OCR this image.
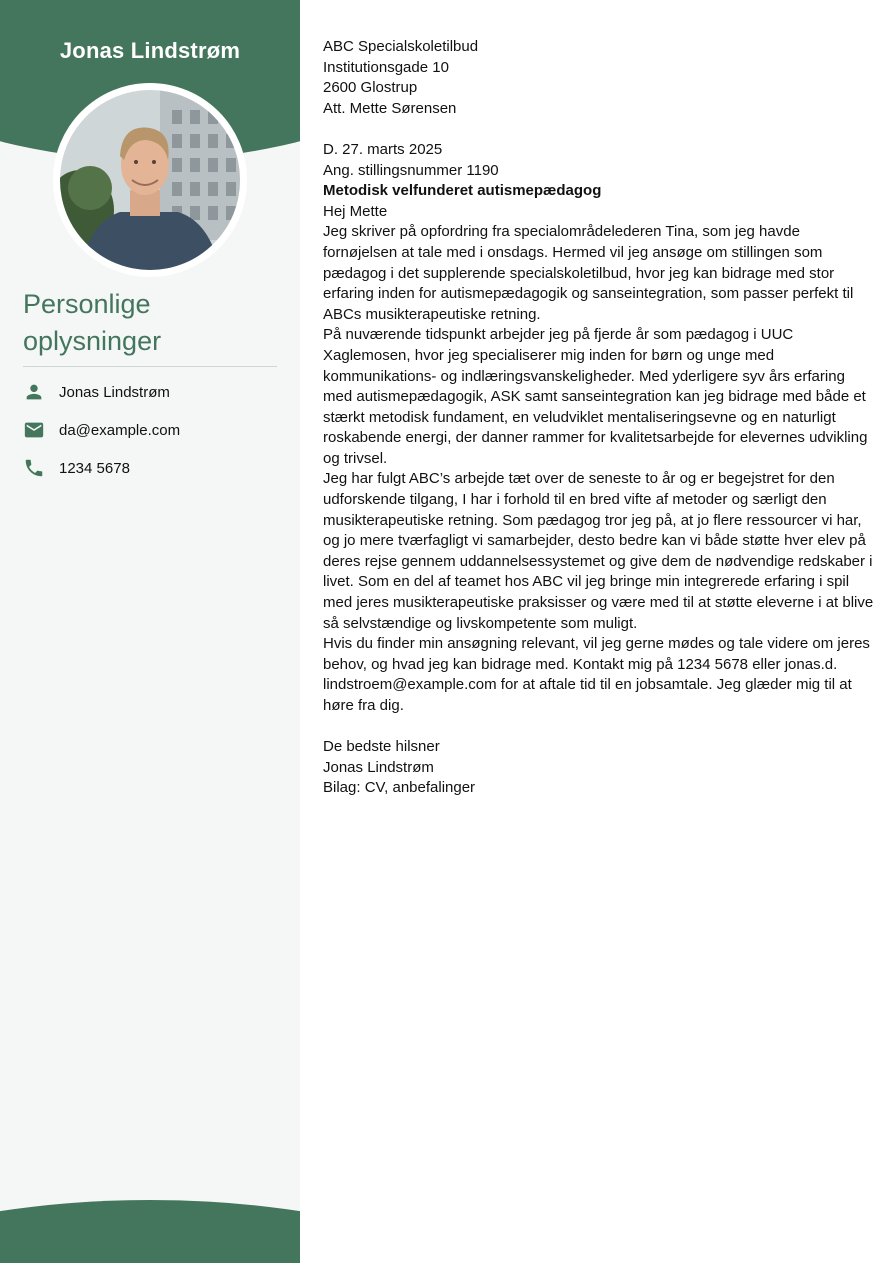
Jonas Lindstrøm
Personlige oplysninger
Jonas Lindstrøm
da@example.com
1234 5678

ABC Specialskoletilbud

Institutionsgade 10

2600 Glostrup

Att. Mette Sørensen

D. 27. marts 2025

Ang. stillingsnummer 1190

Metodisk velfunderet autismepædagog

Hej Mette

Jeg skriver på opfordring fra specialområdelederen Tina, som jeg havde fornøjelsen at tale med i onsdags. Hermed vil jeg ansøge om stillingen som pædagog i det supplerende specialskoletilbud, hvor jeg kan bidrage med stor erfaring inden for autismepædagogik og sanseintegration, som passer perfekt til ABCs musikterapeutiske retning.

På nuværende tidspunkt arbejder jeg på fjerde år som pædagog i UUC Xaglemosen, hvor jeg specialiserer mig inden for børn og unge med kommunikations- og indlæringsvanskeligheder. Med yderligere syv års erfaring med autismepædagogik, ASK samt sanseintegration kan jeg bidrage med både et stærkt metodisk fundament, en veludviklet mentaliseringsevne og en naturligt roskabende energi, der danner rammer for kvalitetsarbejde for elevernes udvikling og trivsel.

Jeg har fulgt ABC’s arbejde tæt over de seneste to år og er begejstret for den udforskende tilgang, I har i forhold til en bred vifte af metoder og særligt den musikterapeutiske retning. Som pædagog tror jeg på, at jo flere ressourcer vi har, og jo mere tværfagligt vi samarbejder, desto bedre kan vi både støtte hver elev på deres rejse gennem uddannelsessystemet og give dem de nødvendige redskaber i livet. Som en del af teamet hos ABC vil jeg bringe min integrerede erfaring i spil med jeres musikterapeutiske praksisser og være med til at støtte eleverne i at blive så selvstændige og livskompetente som muligt.

Hvis du finder min ansøgning relevant, vil jeg gerne mødes og tale videre om jeres behov, og hvad jeg kan bidrage med. Kontakt mig på 1234 5678 eller jonas.d. lindstroem@example.com for at aftale tid til en jobsamtale. Jeg glæder mig til at høre fra dig.

De bedste hilsner

Jonas Lindstrøm

Bilag: CV, anbefalinger
